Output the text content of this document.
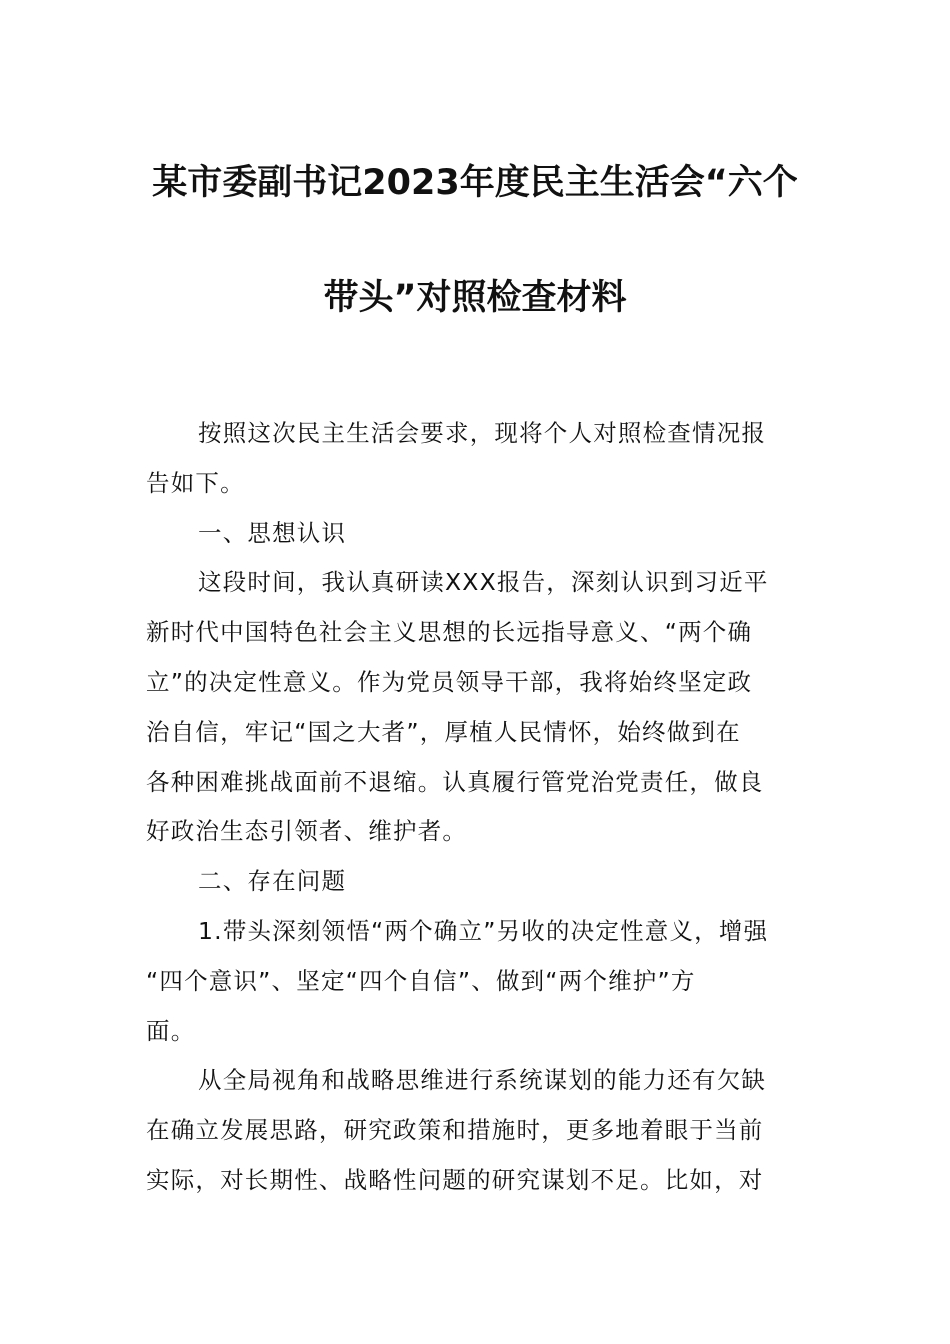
某市委副书记2023年度民主生活会“六个
带头”对照检查材料
按照这次民主生活会要求，现将个人对照检查情况报
告如下。
一、思想认识
这段时间，我认真研读XXX报告，深刻认识到习近平
新时代中国特色社会主义思想的长远指导意义、“两个确
立”的决定性意义。作为党员领导干部，我将始终坚定政
治自信，牢记“国之大者”，厚植人民情怀，始终做到在
各种困难挑战面前不退缩。认真履行管党治党责任，做良
好政治生态引领者、维护者。
二、存在问题
1.带头深刻领悟“两个确立”另收的决定性意义，增强
“四个意识”、坚定“四个自信”、做到“两个维护”方
面。
从全局视角和战略思维进行系统谋划的能力还有欠缺
在确立发展思路，研究政策和措施时，更多地着眼于当前
实际，对长期性、战略性问题的研究谋划不足。比如，对
